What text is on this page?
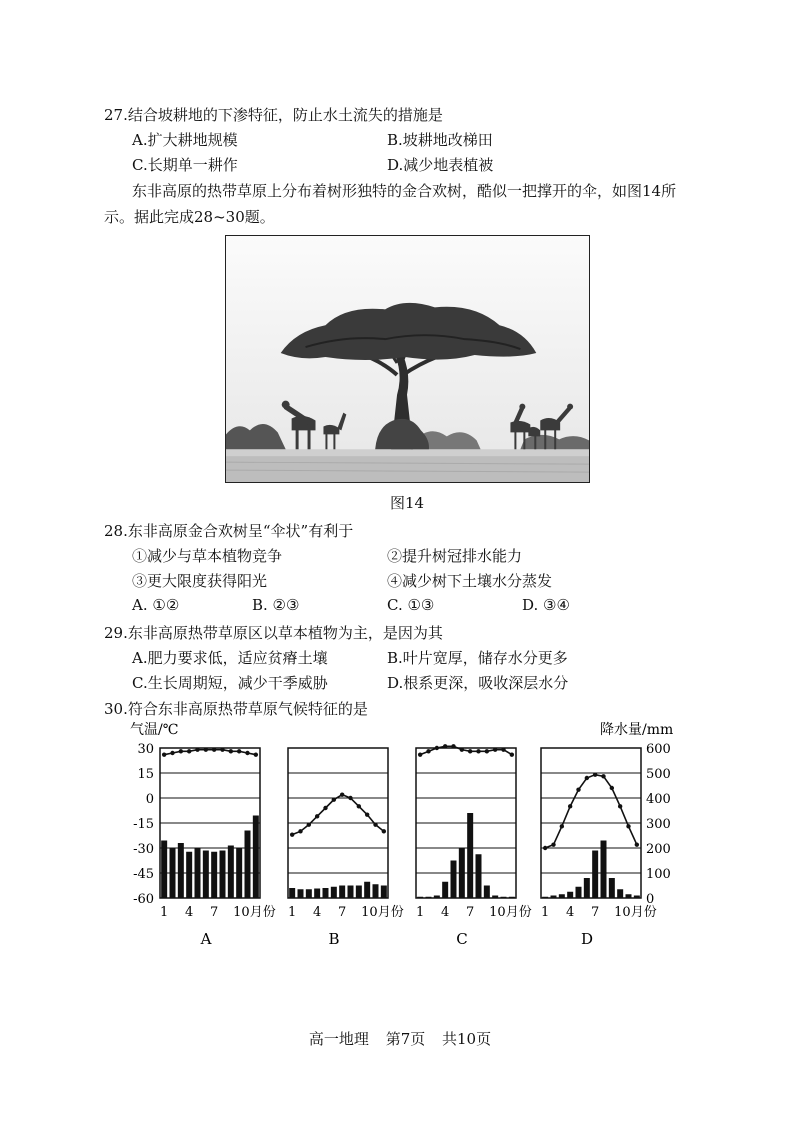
27.结合坡耕地的下渗特征，防止水土流失的措施是
A.扩大耕地规模	B.坡耕地改梯田
C.长期单一耕作	D.减少地表植被
东非高原的热带草原上分布着树形独特的金合欢树，酷似一把撑开的伞，如图14所
示。据此完成28~30题。
图14
28.东非高原金合欢树呈“伞状”有利于
①减少与草本植物竞争	②提升树冠排水能力
③更大限度获得阳光	④减少树下土壤水分蒸发
A. ①②	B. ②③	C. ①③	D. ③④
29.东非高原热带草原区以草本植物为主，是因为其
A.肥力要求低，适应贫瘠土壤	B.叶片宽厚，储存水分更多
C.生长周期短，减少干季威胁	D.根系更深，吸收深层水分
30.符合东非高原热带草原气候特征的是
气温/℃	降水量/mm
30
15
0
-15
-30
-45
-60
600
500
400
300
200
100
0
1 4 7 10月份
A
1 4 7 10月份
B
1 4 7 10月份
C
1 4 7 10月份
D
高一地理 第7页 共10页
